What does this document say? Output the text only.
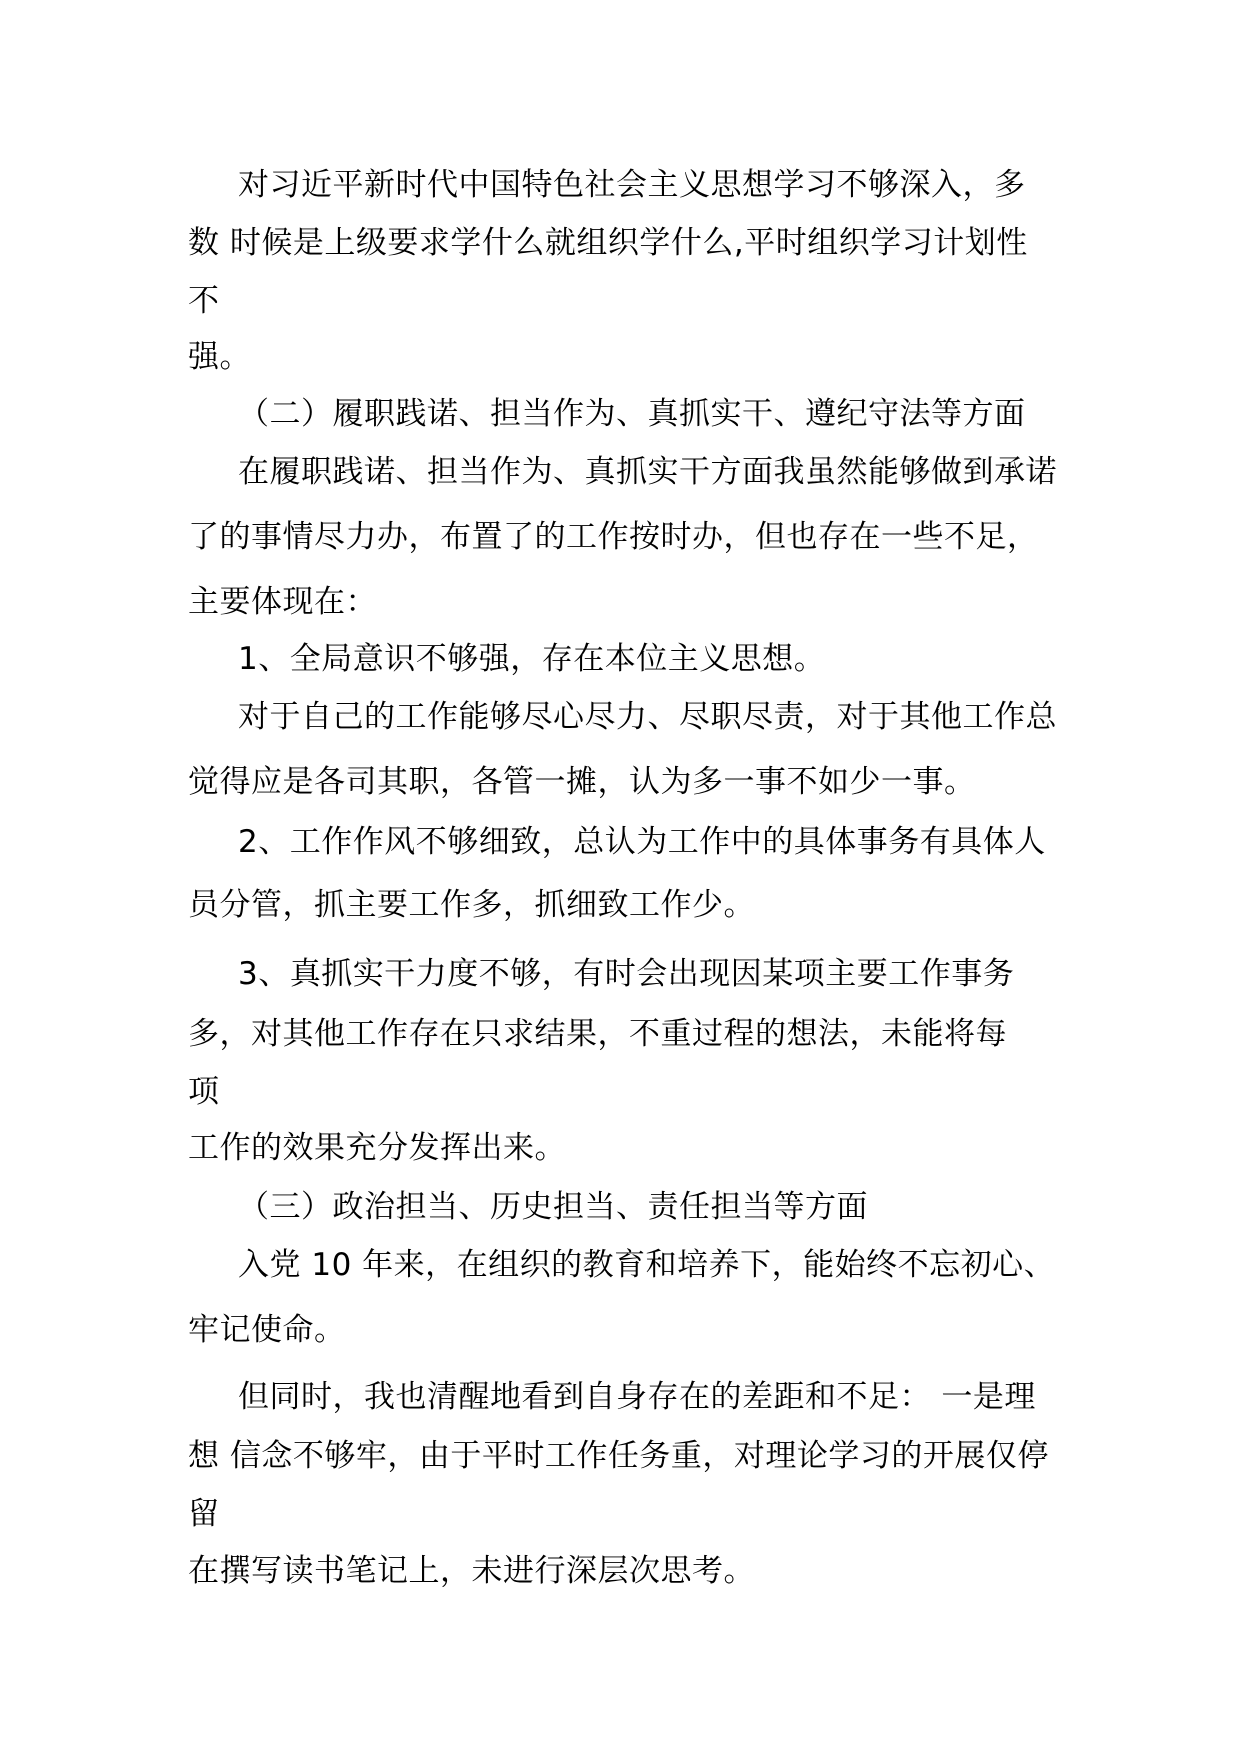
对习近平新时代中国特色社会主义思想学习不够深入，多

数 时候是上级要求学什么就组织学什么,平时组织学习计划性

不

强。

（二）履职践诺、担当作为、真抓实干、遵纪守法等方面

在履职践诺、担当作为、真抓实干方面我虽然能够做到承诺

了的事情尽力办，布置了的工作按时办，但也存在一些不足，

主要体现在：

1、全局意识不够强，存在本位主义思想。

对于自己的工作能够尽心尽力、尽职尽责，对于其他工作总

觉得应是各司其职，各管一摊，认为多一事不如少一事。

2、工作作风不够细致，总认为工作中的具体事务有具体人

员分管，抓主要工作多，抓细致工作少。

3、真抓实干力度不够，有时会出现因某项主要工作事务

多，对其他工作存在只求结果，不重过程的想法，未能将每

项

工作的效果充分发挥出来。

（三）政治担当、历史担当、责任担当等方面

入党 10 年来，在组织的教育和培养下，能始终不忘初心、

牢记使命。

但同时，我也清醒地看到自身存在的差距和不足： 一是理

想 信念不够牢，由于平时工作任务重，对理论学习的开展仅停

留

在撰写读书笔记上，未进行深层次思考。
